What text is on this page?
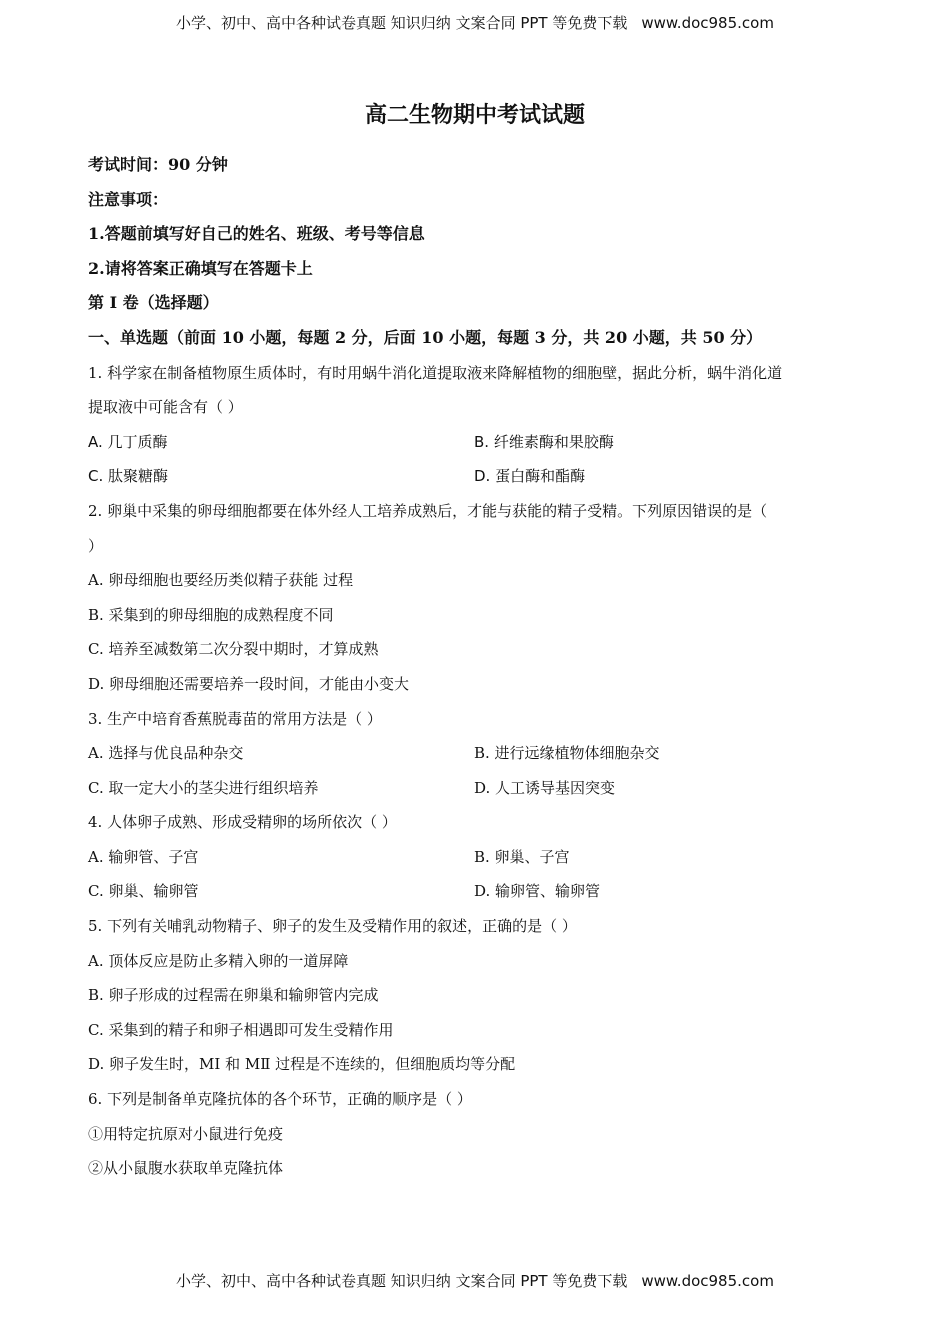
小学、初中、高中各种试卷真题 知识归纳 文案合同 PPT 等免费下载 www.doc985.com
高二生物期中考试试题
考试时间：90 分钟
注意事项：
1.答题前填写好自己的姓名、班级、考号等信息
2.请将答案正确填写在答题卡上
第 I 卷（选择题）
一、单选题（前面 10 小题，每题 2 分，后面 10 小题，每题 3 分，共 20 小题，共 50 分）
1. 科学家在制备植物原生质体时，有时用蜗牛消化道提取液来降解植物的细胞壁，据此分析，蜗牛消化道
提取液中可能含有（ ）
A. 几丁质酶	B. 纤维素酶和果胶酶
C. 肽聚糖酶	D. 蛋白酶和酯酶
2. 卵巢中采集的卵母细胞都要在体外经人工培养成熟后，才能与获能的精子受精。下列原因错误的是（
）
A. 卵母细胞也要经历类似精子获能 过程
B. 采集到的卵母细胞的成熟程度不同
C. 培养至减数第二次分裂中期时，才算成熟
D. 卵母细胞还需要培养一段时间，才能由小变大
3. 生产中培育香蕉脱毒苗的常用方法是（ ）
A. 选择与优良品种杂交	B. 进行远缘植物体细胞杂交
C. 取一定大小的茎尖进行组织培养	D. 人工诱导基因突变
4. 人体卵子成熟、形成受精卵的场所依次（ ）
A. 输卵管、子宫	B. 卵巢、子宫
C. 卵巢、输卵管	D. 输卵管、输卵管
5. 下列有关哺乳动物精子、卵子的发生及受精作用的叙述，正确的是（ ）
A. 顶体反应是防止多精入卵的一道屏障
B. 卵子形成的过程需在卵巢和输卵管内完成
C. 采集到的精子和卵子相遇即可发生受精作用
D. 卵子发生时，MⅠ 和 MⅡ 过程是不连续的，但细胞质均等分配
6. 下列是制备单克隆抗体的各个环节，正确的顺序是（ ）
①用特定抗原对小鼠进行免疫
②从小鼠腹水获取单克隆抗体
小学、初中、高中各种试卷真题 知识归纳 文案合同 PPT 等免费下载 www.doc985.com
